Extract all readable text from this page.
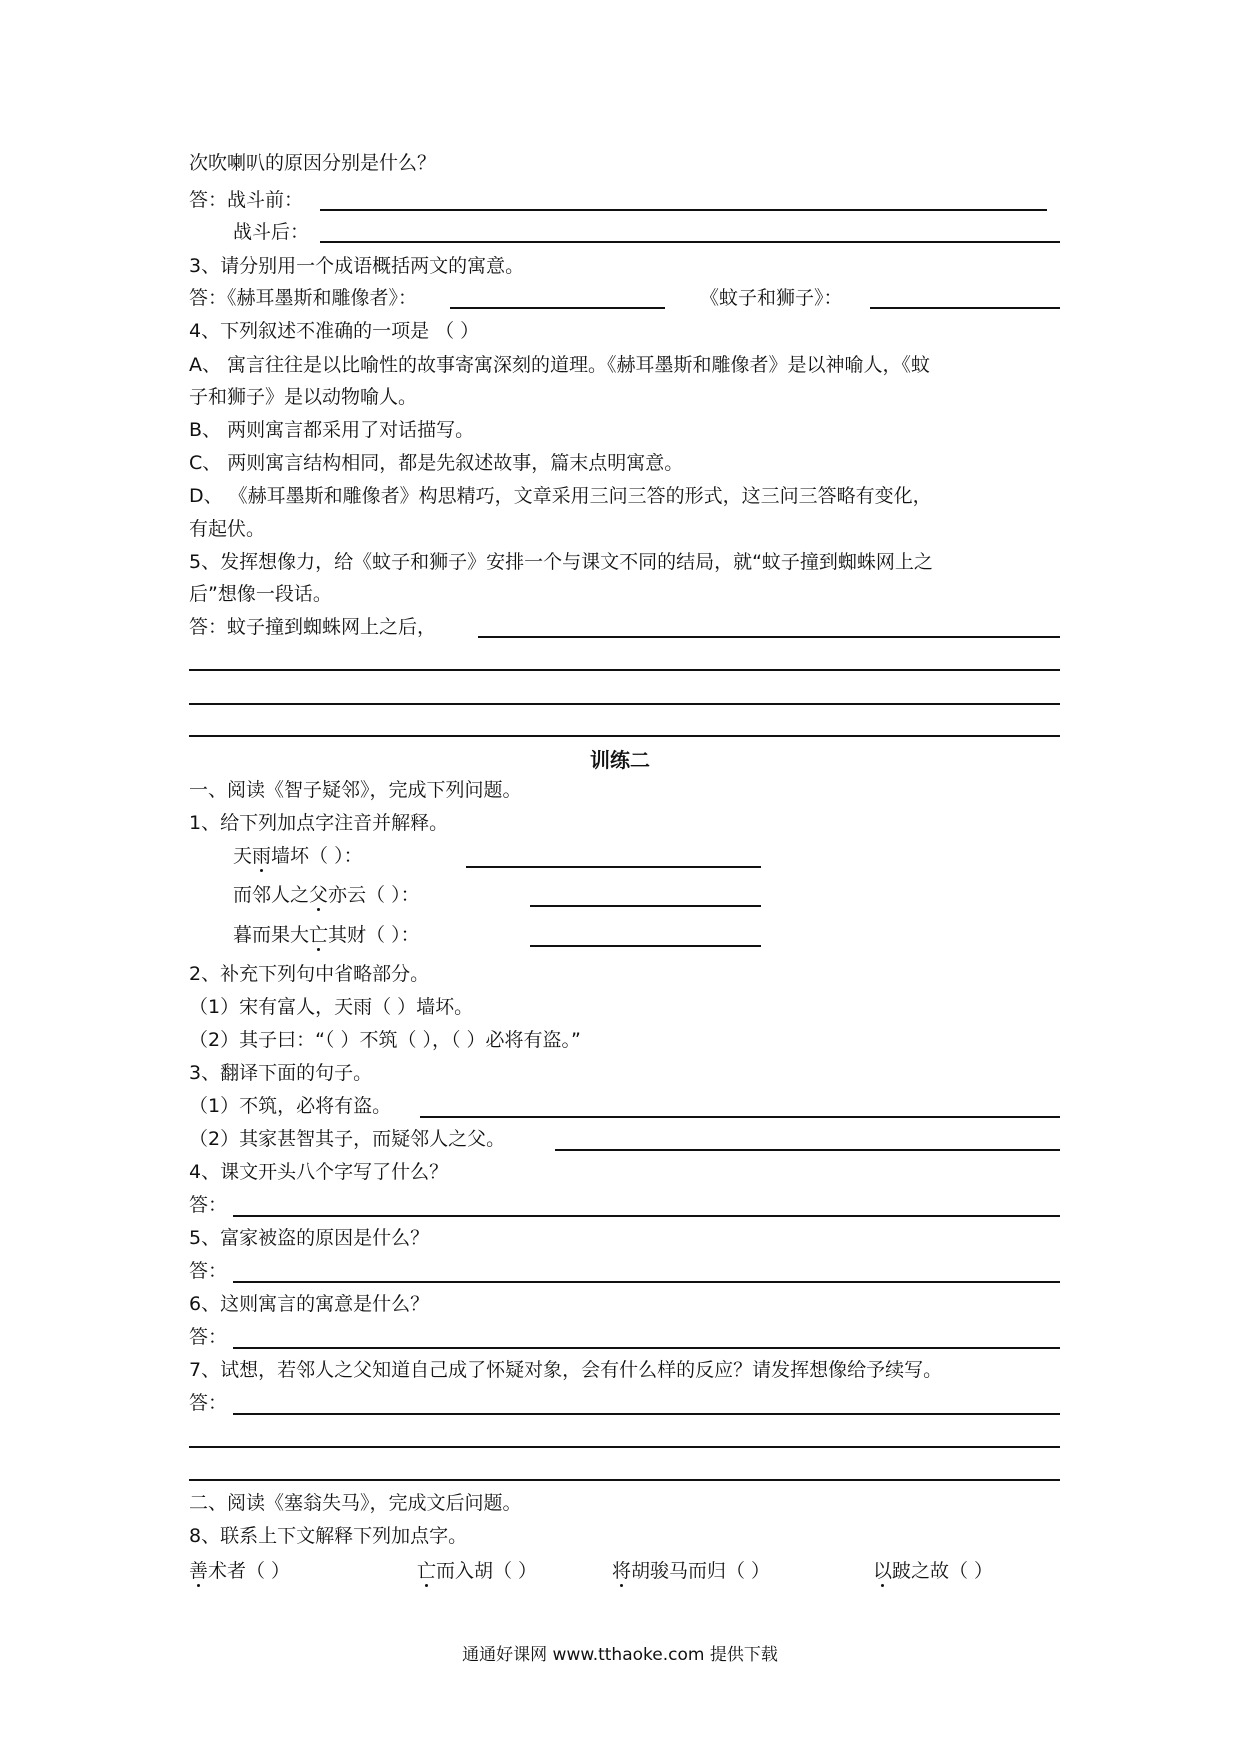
次吹喇叭的原因分别是什么？
答：战斗前：
战斗后：
3、请分别用一个成语概括两文的寓意。
答：《赫耳墨斯和雕像者》：	《蚊子和狮子》：
4、下列叙述不准确的一项是 （ ）
A、 寓言往往是以比喻性的故事寄寓深刻的道理。《赫耳墨斯和雕像者》是以神喻人，《蚊
子和狮子》是以动物喻人。
B、 两则寓言都采用了对话描写。
C、 两则寓言结构相同，都是先叙述故事，篇末点明寓意。
D、 《赫耳墨斯和雕像者》构思精巧，文章采用三问三答的形式，这三问三答略有变化，
有起伏。
5、发挥想像力，给《蚊子和狮子》安排一个与课文不同的结局，就“蚊子撞到蜘蛛网上之
后”想像一段话。
答：蚊子撞到蜘蛛网上之后，
训练二
一、阅读《智子疑邻》，完成下列问题。
1、给下列加点字注音并解释。
天雨墙坏（ ）：
而邻人之父亦云（ ）：
暮而果大亡其财（ ）：
2、补充下列句中省略部分。
（1）宋有富人，天雨（ ）墙坏。
（2）其子曰：“（ ）不筑（ ），（ ）必将有盗。”
3、翻译下面的句子。
（1）不筑，必将有盗。
（2）其家甚智其子，而疑邻人之父。
4、课文开头八个字写了什么？
答：
5、富家被盗的原因是什么？
答：
6、这则寓言的寓意是什么？
答：
7、试想，若邻人之父知道自己成了怀疑对象，会有什么样的反应？请发挥想像给予续写。
答：
二、阅读《塞翁失马》，完成文后问题。
8、联系上下文解释下列加点字。
善术者（ ）	亡而入胡（ ）	将胡骏马而归（ ）	以跛之故（ ）
通通好课网 www.tthaoke.com 提供下载
